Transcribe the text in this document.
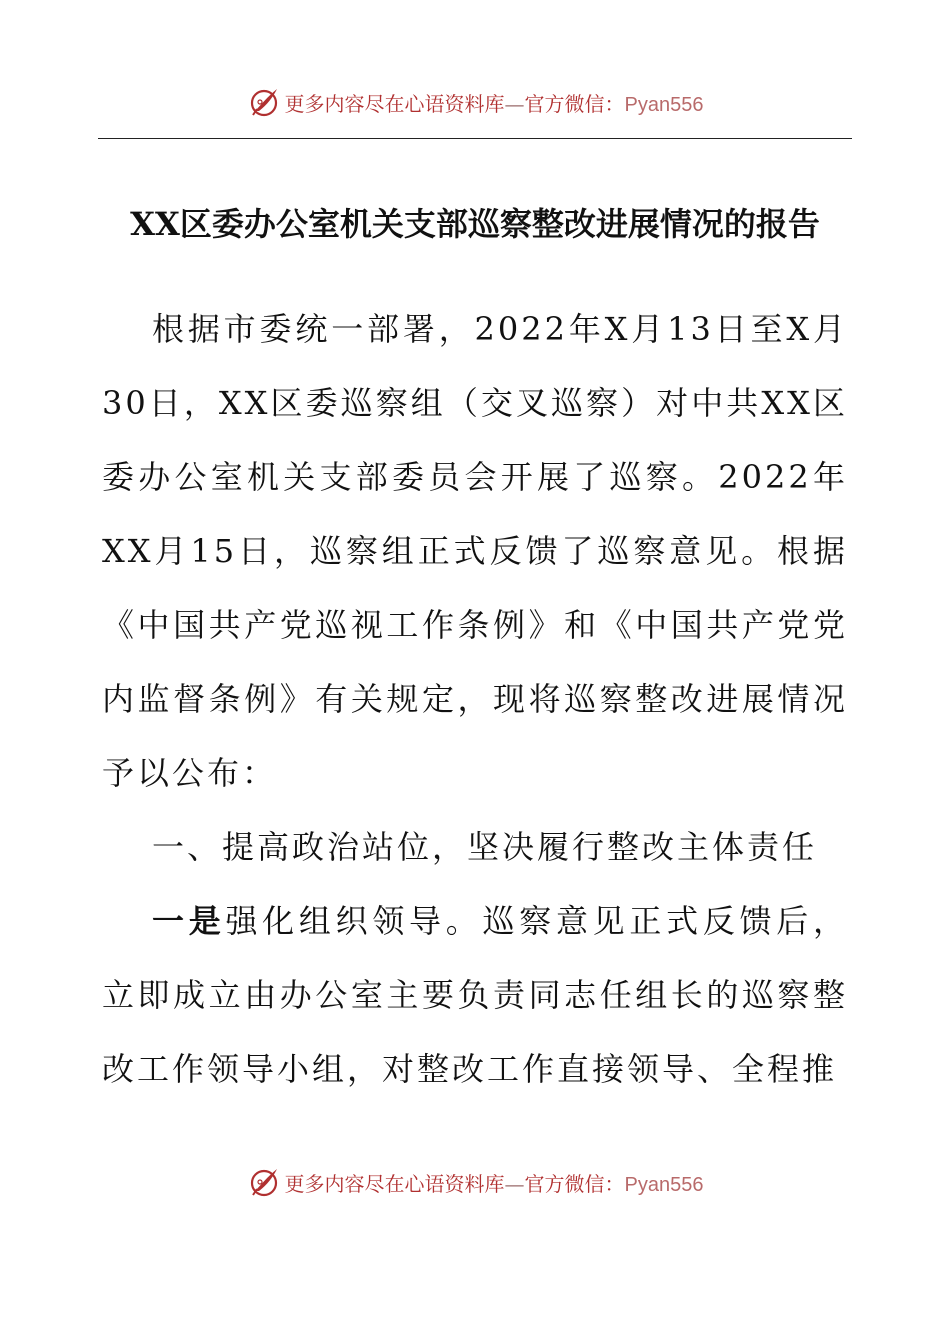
更多内容尽在心语资料库—官方微信：Pyan556
XX区委办公室机关支部巡察整改进展情况的报告

根据市委统一部署，2022年X月13日至X月30日，XX区委巡察组（交叉巡察）对中共XX区委办公室机关支部委员会开展了巡察。2022年XX月15日，巡察组正式反馈了巡察意见。根据《中国共产党巡视工作条例》和《中国共产党党内监督条例》有关规定，现将巡察整改进展情况予以公布：

一、提高政治站位，坚决履行整改主体责任

一是强化组织领导。巡察意见正式反馈后，立即成立由办公室主要负责同志任组长的巡察整改工作领导小组，对整改工作直接领导、全程推

更多内容尽在心语资料库—官方微信：Pyan556
